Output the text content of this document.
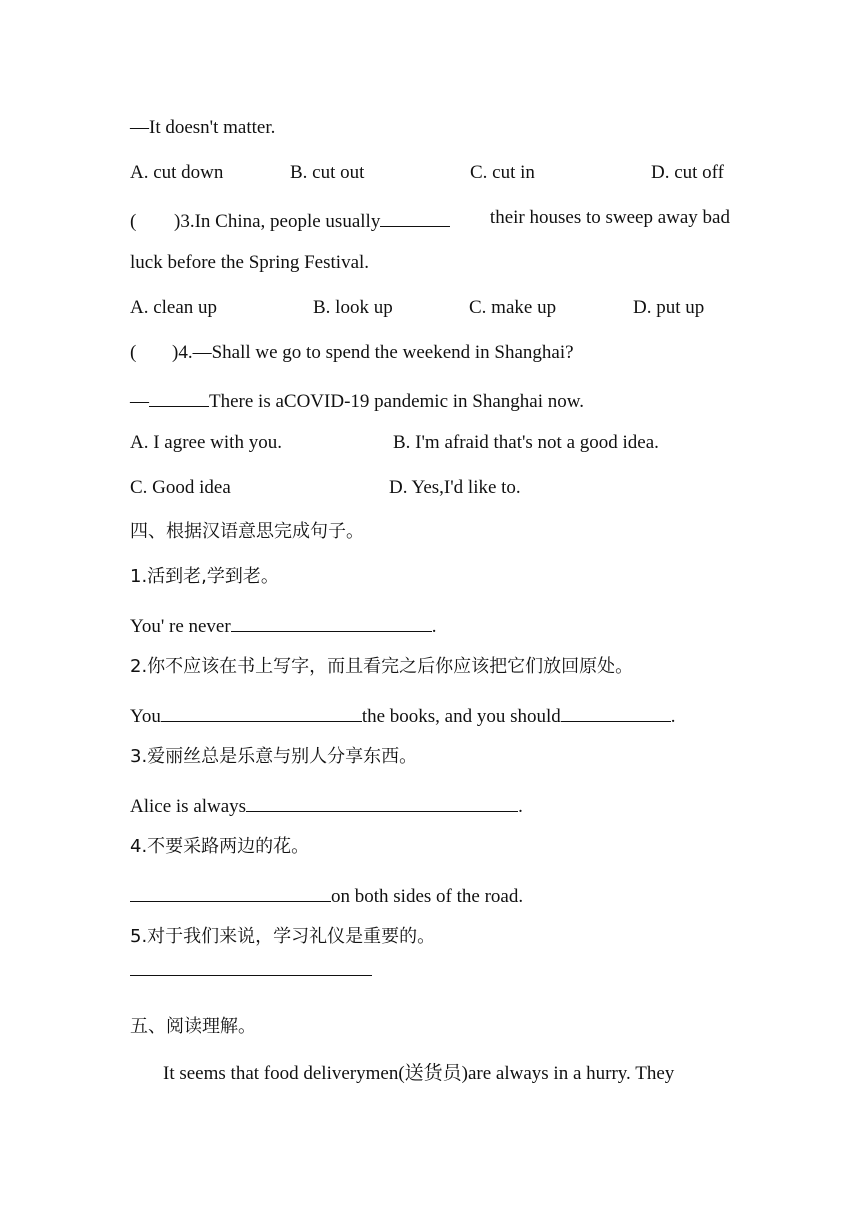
—It doesn't matter.
A. cut down	B. cut out	C. cut in	D. cut off
( )3.In China, people usually	their houses to sweep away bad
luck before the Spring Festival.
A. clean up	B. look up	C. make up	D. put up
( )4.—Shall we go to spend the weekend in Shanghai?
—	There is aCOVID-19 pandemic in Shanghai now.
A. I agree with you.	B. I'm afraid that's not a good idea.
C. Good idea	D. Yes,I'd like to.
四、根据汉语意思完成句子。
1.活到老,学到老。
You' re never	.
2.你不应该在书上写字，而且看完之后你应该把它们放回原处。
You	the books, and you should	.
3.爱丽丝总是乐意与别人分享东西。
Alice is always	.
4.不要采路两边的花。
on both sides of the road.
5.对于我们来说，学习礼仪是重要的。
五、阅读理解。
It seems that food deliverymen(送货员)are always in a hurry. They
